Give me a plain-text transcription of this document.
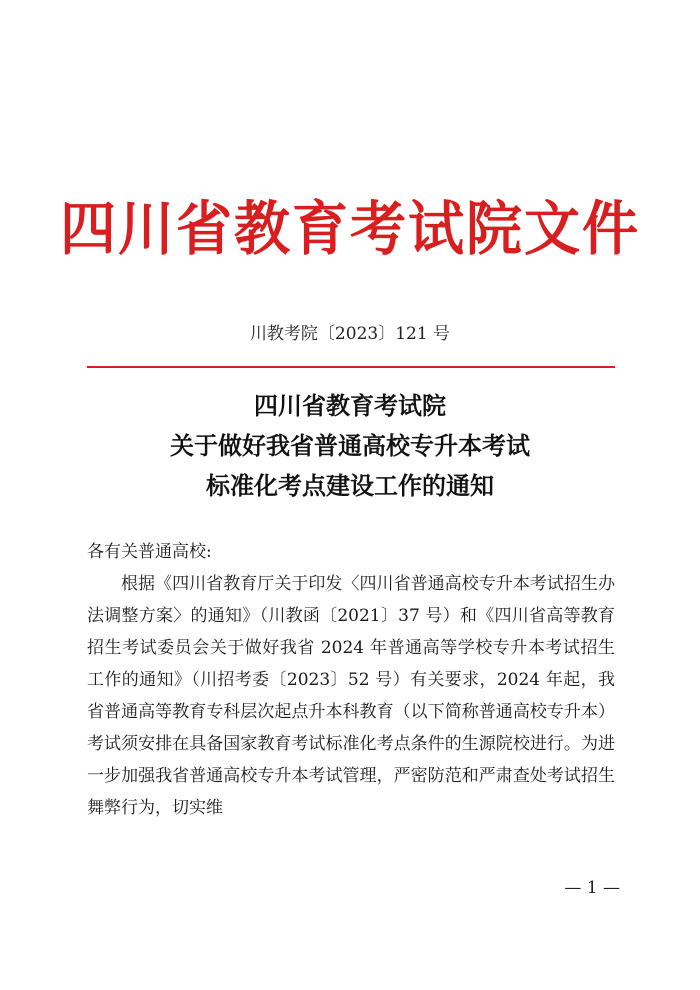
四川省教育考试院文件
川教考院〔2023〕121 号
四川省教育考试院
关于做好我省普通高校专升本考试
标准化考点建设工作的通知
各有关普通高校:
根据《四川省教育厅关于印发〈四川省普通高校专升本考试招生办法调整方案〉的通知》（川教函〔2021〕37 号）和《四川省高等教育招生考试委员会关于做好我省 2024 年普通高等学校专升本考试招生工作的通知》（川招考委〔2023〕52 号）有关要求，2024 年起，我省普通高等教育专科层次起点升本科教育（以下简称普通高校专升本）考试须安排在具备国家教育考试标准化考点条件的生源院校进行。为进一步加强我省普通高校专升本考试管理，严密防范和严肃查处考试招生舞弊行为，切实维
— 1 —
